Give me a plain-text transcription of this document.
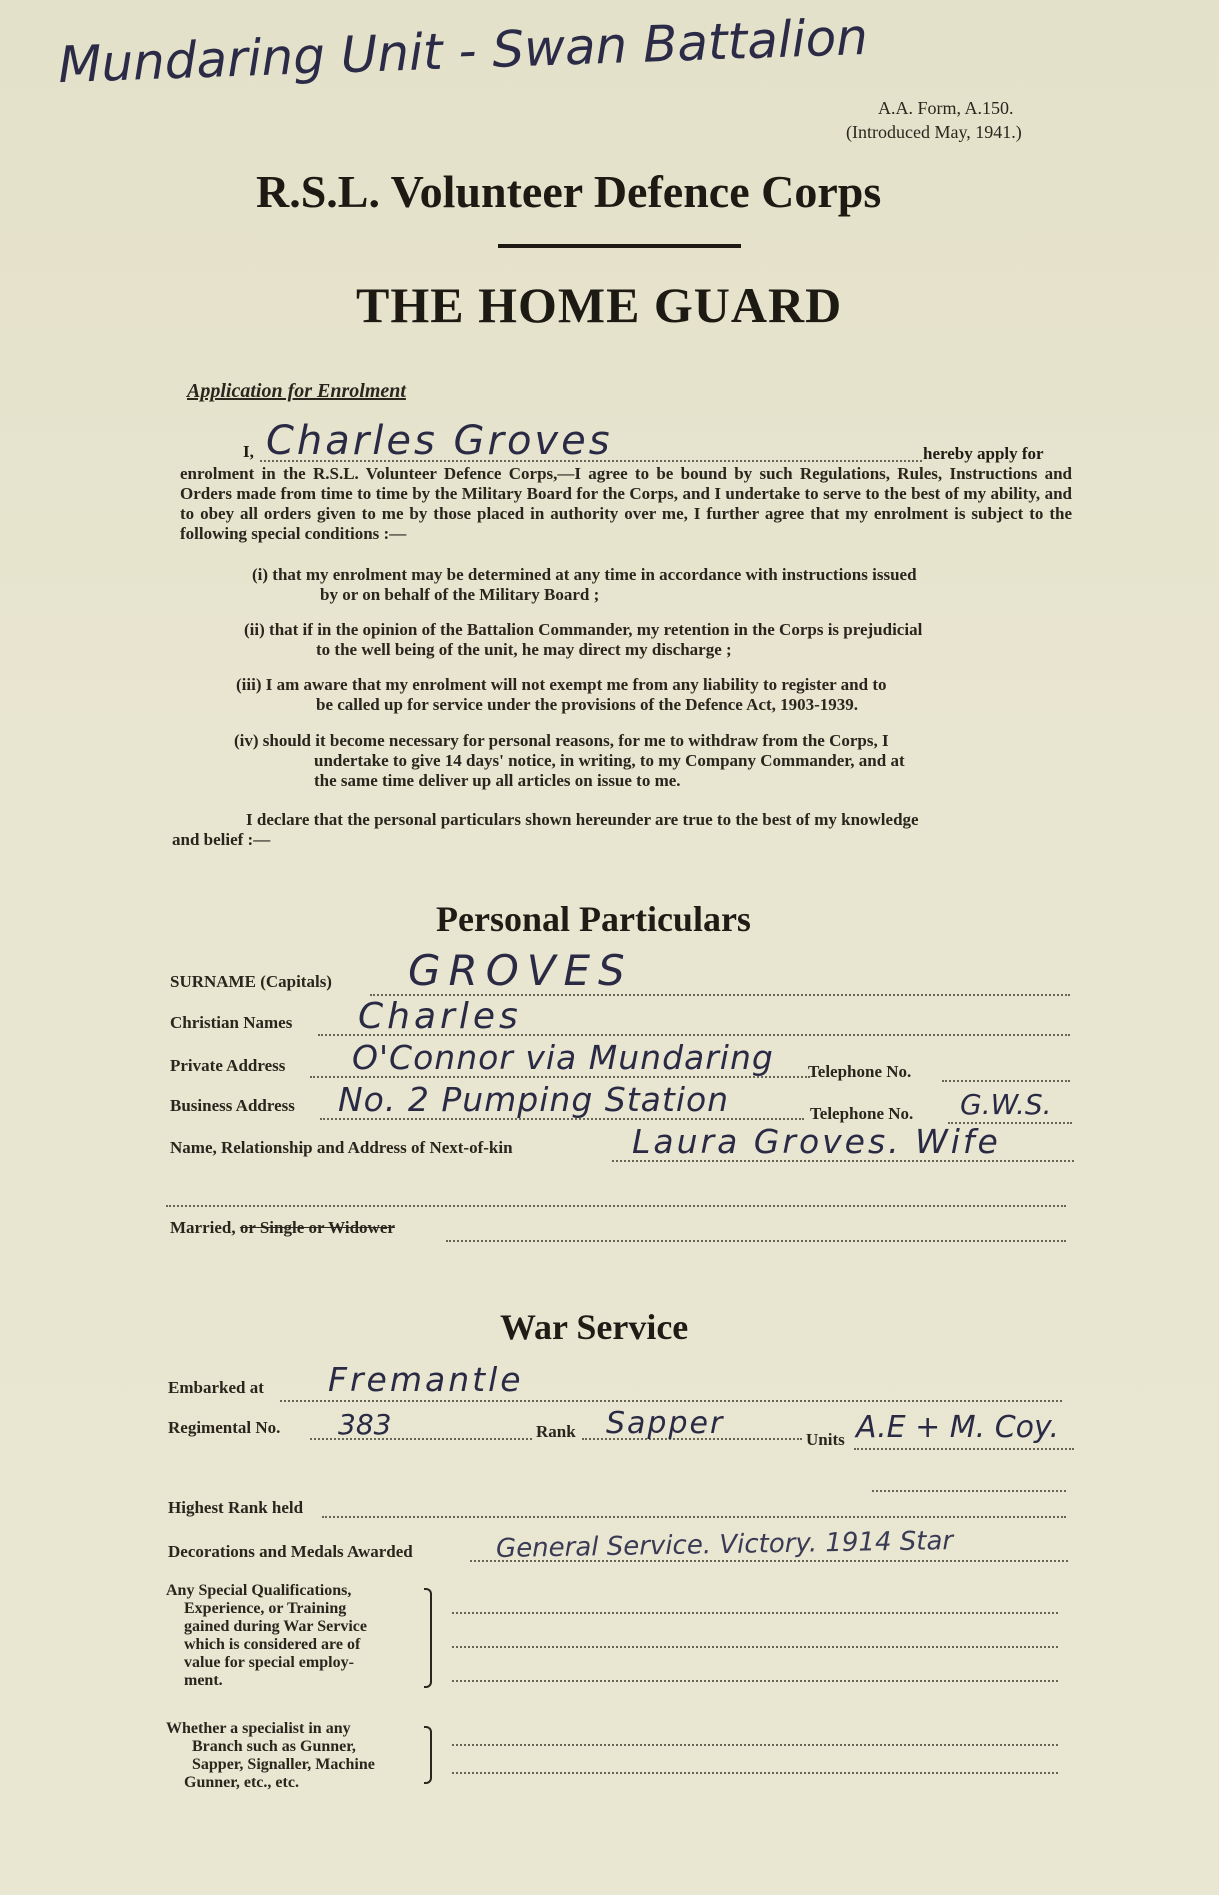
Mundaring Unit - Swan Battalion
A.A. Form, A.150.
(Introduced May, 1941.)
R.S.L. Volunteer Defence Corps
THE HOME GUARD
Application for Enrolment
I, Charles Groves	hereby apply for
enrolment in the R.S.L. Volunteer Defence Corps,—I agree to be bound by such Regulations, Rules, Instructions and Orders made from time to time by the Military Board for the Corps, and I undertake to serve to the best of my ability, and to obey all orders given to me by those placed in authority over me, I further agree that my enrolment is subject to the following special conditions :—
(i) that my enrolment may be determined at any time in accordance with instructions issued
by or on behalf of the Military Board ;
(ii) that if in the opinion of the Battalion Commander, my retention in the Corps is prejudicial
to the well being of the unit, he may direct my discharge ;
(iii) I am aware that my enrolment will not exempt me from any liability to register and to
be called up for service under the provisions of the Defence Act, 1903-1939.
(iv) should it become necessary for personal reasons, for me to withdraw from the Corps, I
undertake to give 14 days' notice, in writing, to my Company Commander, and at
the same time deliver up all articles on issue to me.
I declare that the personal particulars shown hereunder are true to the best of my knowledge
and belief :—
Personal Particulars
SURNAME (Capitals) GROVES
Christian Names Charles
Private Address O'Connor via Mundaring Telephone No.
Business Address No. 2 Pumping Station	Telephone No. G.W.S.
Name, Relationship and Address of Next-of-kin	Laura Groves. Wife
Married, or Single or Widower
War Service
Embarked at Fremantle
Regimental No. 383	Rank Sapper	Units A.E + M. Coy.
Highest Rank held
Decorations and Medals Awarded	General Service. Victory. 1914 Star
Any Special Qualifications,
Experience, or Training
gained during War Service
which is considered are of
value for special employ-
ment.
Whether a specialist in any
Branch such as Gunner,
Sapper, Signaller, Machine
Gunner, etc., etc.
